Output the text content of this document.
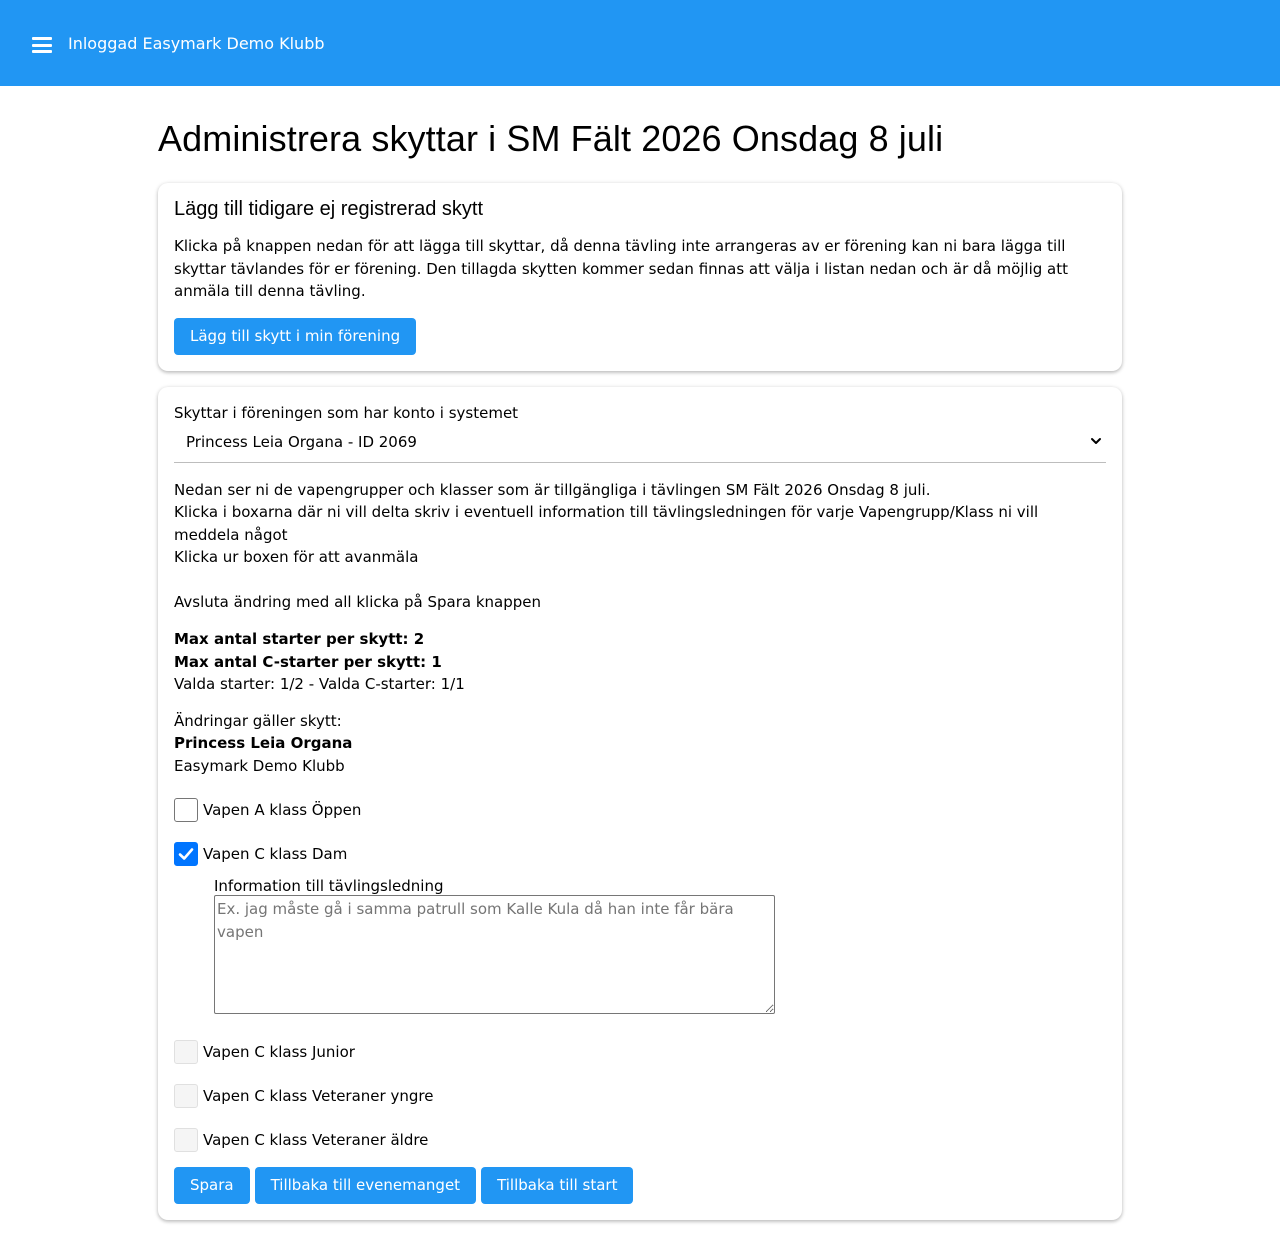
Inloggad Easymark Demo Klubb
Administrera skyttar i SM Fält 2026 Onsdag 8 juli
Lägg till tidigare ej registrerad skytt

Klicka på knappen nedan för att lägga till skyttar, då denna tävling inte arrangeras av er förening kan ni bara lägga till skyttar tävlandes för er förening. Den tillagda skytten kommer sedan finnas att välja i listan nedan och är då möjlig att anmäla till denna tävling.

Lägg till skytt i min förening
Skyttar i föreningen som har konto i systemet
Princess Leia Organa - ID 2069

Nedan ser ni de vapengrupper och klasser som är tillgängliga i tävlingen SM Fält 2026 Onsdag 8 juli.

Klicka i boxarna där ni vill delta skriv i eventuell information till tävlingsledningen för varje Vapengrupp/Klass ni vill meddela något

Klicka ur boxen för att avanmäla

Avsluta ändring med all klicka på Spara knappen

Max antal starter per skytt: 2

Max antal C-starter per skytt: 1

Valda starter: 1/2 - Valda C-starter: 1/1

Ändringar gäller skytt:

Princess Leia Organa

Easymark Demo Klubb

Vapen A klass Öppen
Vapen C klass Dam
Information till tävlingsledning
Ex. jag måste gå i samma patrull som Kalle Kula då han inte får bära vapen
Vapen C klass Junior
Vapen C klass Veteraner yngre
Vapen C klass Veteraner äldre
Spara	Tillbaka till evenemanget	Tillbaka till start
